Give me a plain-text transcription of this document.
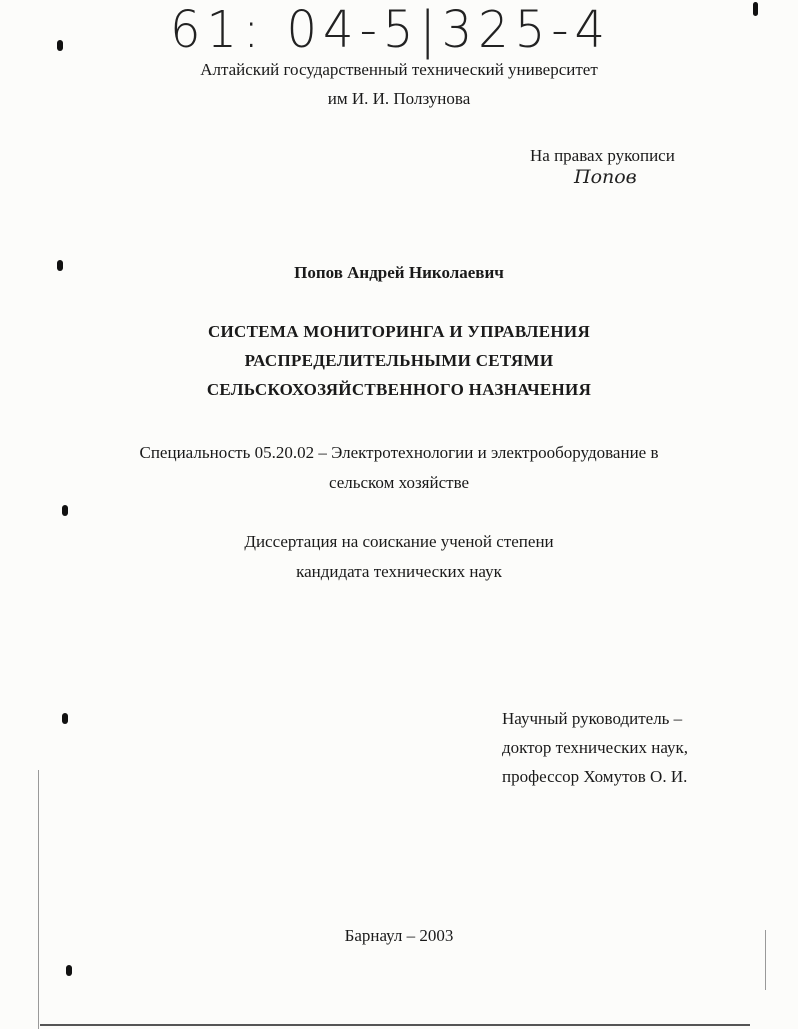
61: 04-5|325-4
Алтайский государственный технический университет
им И. И. Ползунова
На правах рукописи
Попов
Попов Андрей Николаевич
СИСТЕМА МОНИТОРИНГА И УПРАВЛЕНИЯ
РАСПРЕДЕЛИТЕЛЬНЫМИ СЕТЯМИ
СЕЛЬСКОХОЗЯЙСТВЕННОГО НАЗНАЧЕНИЯ
Специальность 05.20.02 – Электротехнологии и электрооборудование в
сельском хозяйстве
Диссертация на соискание ученой степени
кандидата технических наук
Научный руководитель –
доктор технических наук,
профессор Хомутов О. И.
Барнаул – 2003
